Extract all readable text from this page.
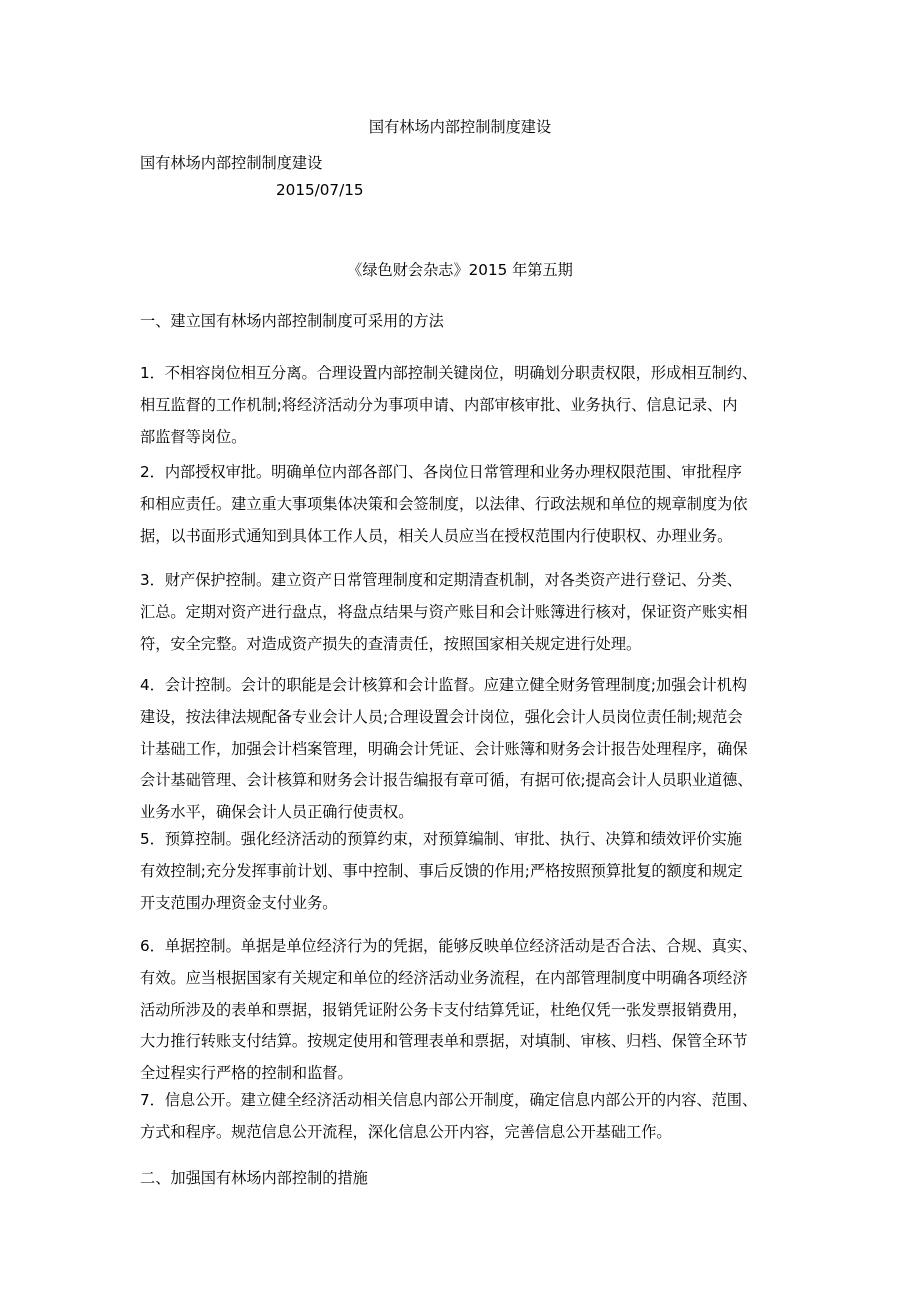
国有林场内部控制制度建设
国有林场内部控制制度建设
2015/07/15
《绿色财会杂志》2015 年第五期
一、建立国有林场内部控制制度可采用的方法
1．不相容岗位相互分离。合理设置内部控制关键岗位，明确划分职责权限，形成相互制约、
相互监督的工作机制;将经济活动分为事项申请、内部审核审批、业务执行、信息记录、内
部监督等岗位。
2．内部授权审批。明确单位内部各部门、各岗位日常管理和业务办理权限范围、审批程序
和相应责任。建立重大事项集体决策和会签制度，以法律、行政法规和单位的规章制度为依
据，以书面形式通知到具体工作人员，相关人员应当在授权范围内行使职权、办理业务。
3．财产保护控制。建立资产日常管理制度和定期清查机制，对各类资产进行登记、分类、
汇总。定期对资产进行盘点，将盘点结果与资产账目和会计账簿进行核对，保证资产账实相
符，安全完整。对造成资产损失的查清责任，按照国家相关规定进行处理。
4．会计控制。会计的职能是会计核算和会计监督。应建立健全财务管理制度;加强会计机构
建设，按法律法规配备专业会计人员;合理设置会计岗位，强化会计人员岗位责任制;规范会
计基础工作，加强会计档案管理，明确会计凭证、会计账簿和财务会计报告处理程序，确保
会计基础管理、会计核算和财务会计报告编报有章可循，有据可依;提高会计人员职业道德、
业务水平，确保会计人员正确行使责权。
5．预算控制。强化经济活动的预算约束，对预算编制、审批、执行、决算和绩效评价实施
有效控制;充分发挥事前计划、事中控制、事后反馈的作用;严格按照预算批复的额度和规定
开支范围办理资金支付业务。
6．单据控制。单据是单位经济行为的凭据，能够反映单位经济活动是否合法、合规、真实、
有效。应当根据国家有关规定和单位的经济活动业务流程，在内部管理制度中明确各项经济
活动所涉及的表单和票据，报销凭证附公务卡支付结算凭证，杜绝仅凭一张发票报销费用，
大力推行转账支付结算。按规定使用和管理表单和票据，对填制、审核、归档、保管全环节
全过程实行严格的控制和监督。
7．信息公开。建立健全经济活动相关信息内部公开制度，确定信息内部公开的内容、范围、
方式和程序。规范信息公开流程，深化信息公开内容，完善信息公开基础工作。
二、加强国有林场内部控制的措施
